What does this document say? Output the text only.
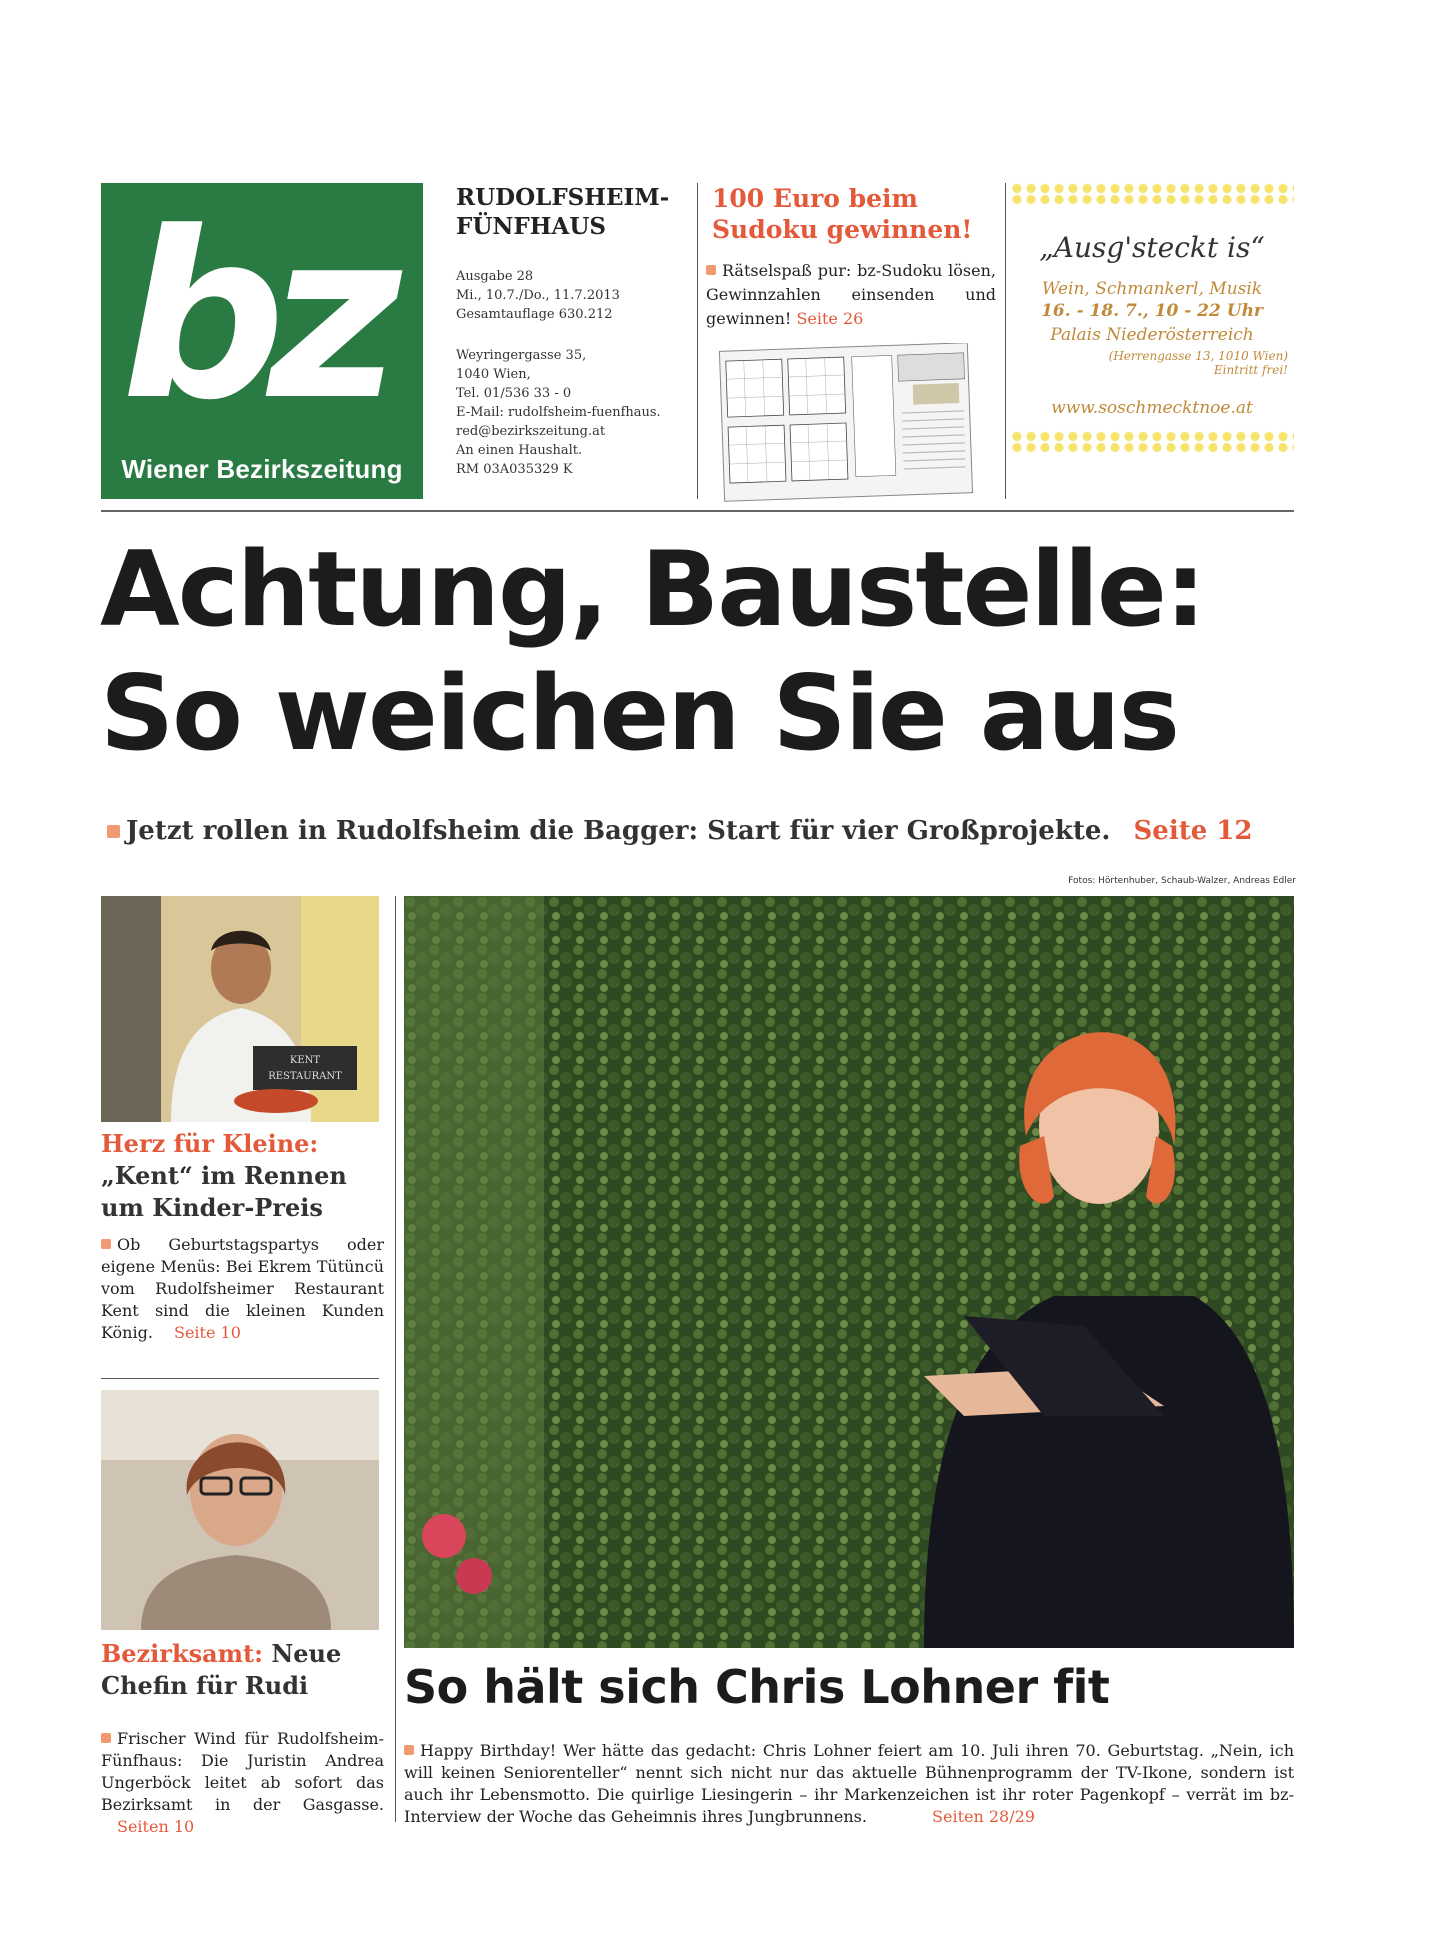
bz
Wiener Bezirkszeitung
RUDOLFSHEIM-
FÜNFHAUS
Ausgabe 28
Mi., 10.7./Do., 11.7.2013
Gesamtauflage 630.212
Weyringergasse 35,
1040 Wien,
Tel. 01/536 33 - 0
E-Mail: rudolfsheim-fuenfhaus.
red@bezirkszeitung.at
An einen Haushalt.
RM 03A035329 K
100 Euro beim
Sudoku gewinnen!
Rätselspaß pur: bz-Sudoku lösen, Gewinnzahlen einsenden und gewinnen! Seite 26
„Ausg'steckt is“
Wein, Schmankerl, Musik
16. - 18. 7., 10 - 22 Uhr
Palais Niederösterreich
(Herrengasse 13, 1010 Wien)
Eintritt frei!
www.soschmecktnoe.at
Achtung, Baustelle:
So weichen Sie aus
Jetzt rollen in Rudolfsheim die Bagger: Start für vier Großprojekte. Seite 12
Fotos: Hörtenhuber, Schaub-Walzer, Andreas Edler
KENT
RESTAURANT
Herz für Kleine:
„Kent“ im Rennen
um Kinder-Preis
Ob Geburtstagspartys oder eigene Menüs: Bei Ekrem Tütüncü vom Rudolfsheimer Restaurant Kent sind die kleinen Kunden König. Seite 10
Bezirksamt: Neue
Chefin für Rudi
Frischer Wind für Rudolfsheim-Fünfhaus: Die Juristin Andrea Ungerböck leitet ab sofort das Bezirksamt in der Gasgasse. Seiten 10
So hält sich Chris Lohner fit
Happy Birthday! Wer hätte das gedacht: Chris Lohner feiert am 10. Juli ihren 70. Geburtstag. „Nein, ich will keinen Seniorenteller“ nennt sich nicht nur das aktuelle Bühnenprogramm der TV-Ikone, sondern ist auch ihr Lebensmotto. Die quirlige Liesingerin – ihr Markenzeichen ist ihr roter Pagenkopf – verrät im bz-Interview der Woche das Geheimnis ihres Jungbrunnens.	Seiten 28/29
